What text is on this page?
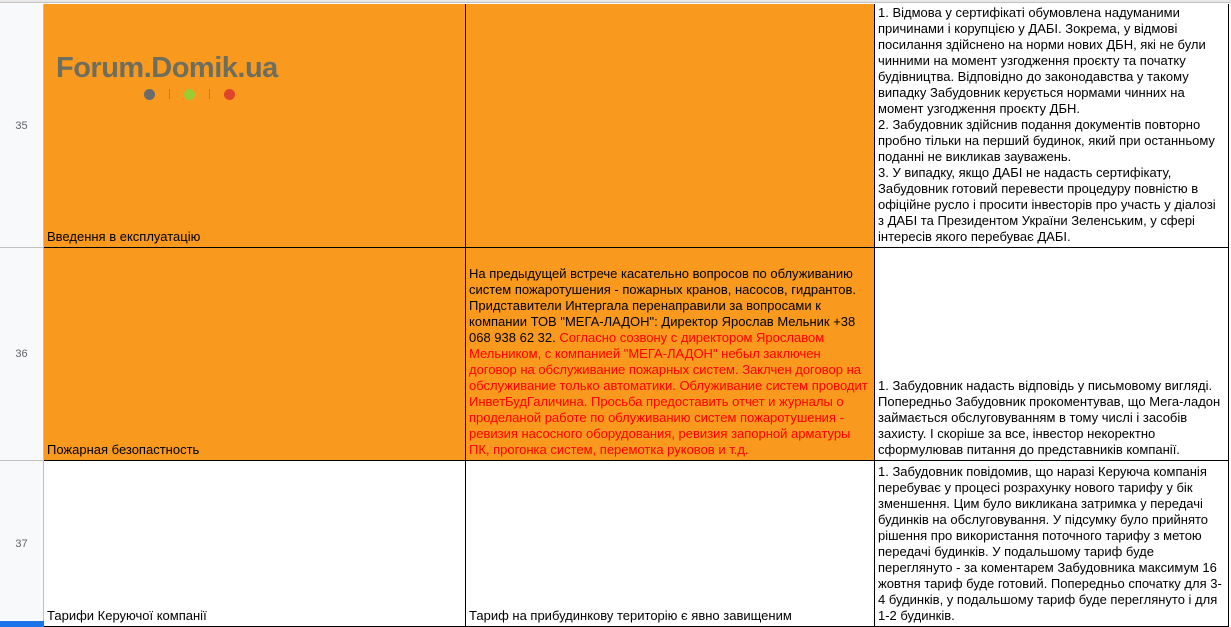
35
Введення в експлуатацію
1. Відмова у сертифікаті обумовлена надуманими причинами і корупцією у ДАБІ. Зокрема, у відмові посилання здійснено на норми нових ДБН, які не були чинними на момент узгодження проєкту та початку будівництва. Відповідно до законодавства у такому випадку Забудовник керується нормами чинних на момент узгодження проєкту ДБН.
2. Забудовник здійснив подання документів повторно пробно тільки на перший будинок, який при останньому поданні не викликав зауважень.
3. У випадку, якщо ДАБІ не надасть сертифікату, Забудовник готовий перевести процедуру повністю в офіційне русло і просити інвесторів про участь у діалозі з ДАБІ та Президентом України Зеленським, у сфері інтересів якого перебуває ДАБІ.
Forum.Domik.ua
36
Пожарная безопастность
На предыдущей встрече касательно вопросов по облуживанию систем пожаротушения - пожарных кранов, насосов, гидрантов. Придставители Интергала перенаправили за вопросами к компании ТОВ "МЕГА-ЛАДОН": Директор Ярослав Мельник +38 068 938 62 32. Согласно созвону с директором Ярославом Мельником, с компанией "МЕГА-ЛАДОН" небыл заключен договор на обслуживание пожарных систем. Заклчен договор на обслуживание только автоматики. Облуживание систем проводит ИнветБудГаличина. Просьба предоставить отчет и журналы о проделаной работе по облуживанию систем пожаротушения - ревизия насосного оборудования, ревизия запорной арматуры ПК, прогонка систем, перемотка руковов и т.д.
1. Забудовник надасть відповідь у письмовому вигляді. Попередньо Забудовник прокоментував, що Мега-ладон займається обслуговуванням в тому числі і засобів захисту. І скоріше за все, інвестор некоректно сформулював питання до представників компанії.
37
Тарифи Керуючої компанії	Тариф на прибудинкову територію є явно завищеним
1. Забудовник повідомив, що наразі Керуюча компанія перебуває у процесі розрахунку нового тарифу у бік зменшення. Цим було викликана затримка у передачі будинків на обслуговування. У підсумку було прийнято рішення про використання поточного тарифу з метою передачі будинків. У подальшому тариф буде переглянуто - за коментарем Забудовника максимум 16 жовтня тариф буде готовий. Попередньо спочатку для 3-4 будинків, у подальшому тариф буде переглянуто і для 1-2 будинків.
